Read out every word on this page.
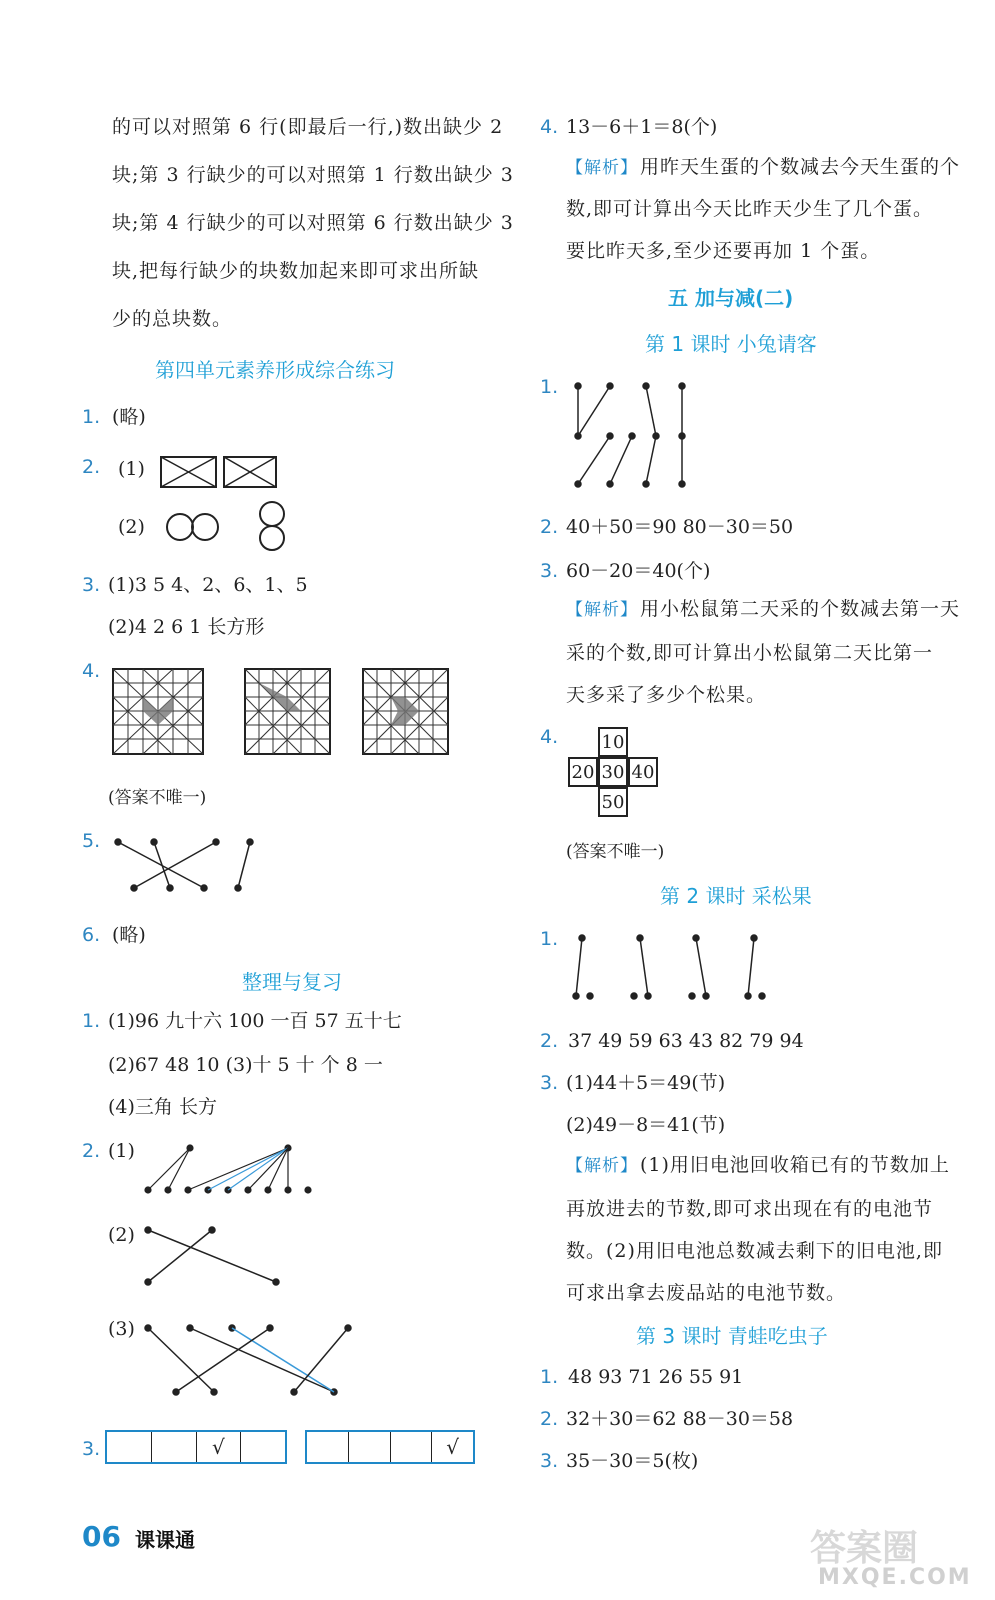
的可以对照第 6 行(即最后一行,)数出缺少 2
块;第 3 行缺少的可以对照第 1 行数出缺少 3
块;第 4 行缺少的可以对照第 6 行数出缺少 3
块,把每行缺少的块数加起来即可求出所缺
少的总块数。
第四单元素养形成综合练习
1. (略)
2. (1)
(2)
3. (1)3 5 4、2、6、1、5
(2)4 2 6 1 长方形
4.
(答案不唯一)
5.
6. (略)
整理与复习
1. (1)96 九十六 100 一百 57 五十七
(2)67 48 10 (3)十 5 十 个 8 一
(4)三角 长方
2. (1)
(2)
(3)
3.	√	√
4. 13－6＋1＝8(个)
【解析】 用昨天生蛋的个数减去今天生蛋的个
数,即可计算出今天比昨天少生了几个蛋。
要比昨天多,至少还要再加 1 个蛋。
五 加与减(二)
第 1 课时 小兔请客
1.
2. 40＋50＝90 80－30＝50
3. 60－20＝40(个)
【解析】 用小松鼠第二天采的个数减去第一天
采的个数,即可计算出小松鼠第二天比第一
天多采了多少个松果。
4. 10
20 30 40
50
(答案不唯一)
第 2 课时 采松果
1.
2. 37 49 59 63 43 82 79 94
3. (1)44＋5＝49(节)
(2)49－8＝41(节)
【解析】 (1)用旧电池回收箱已有的节数加上
再放进去的节数,即可求出现在有的电池节
数。(2)用旧电池总数减去剩下的旧电池,即
可求出拿去废品站的电池节数。
第 3 课时 青蛙吃虫子
1. 48 93 71 26 55 91
2. 32＋30＝62 88－30＝58
3. 35－30＝5(枚)
06 课课通	答案圈
MXQE.COM
